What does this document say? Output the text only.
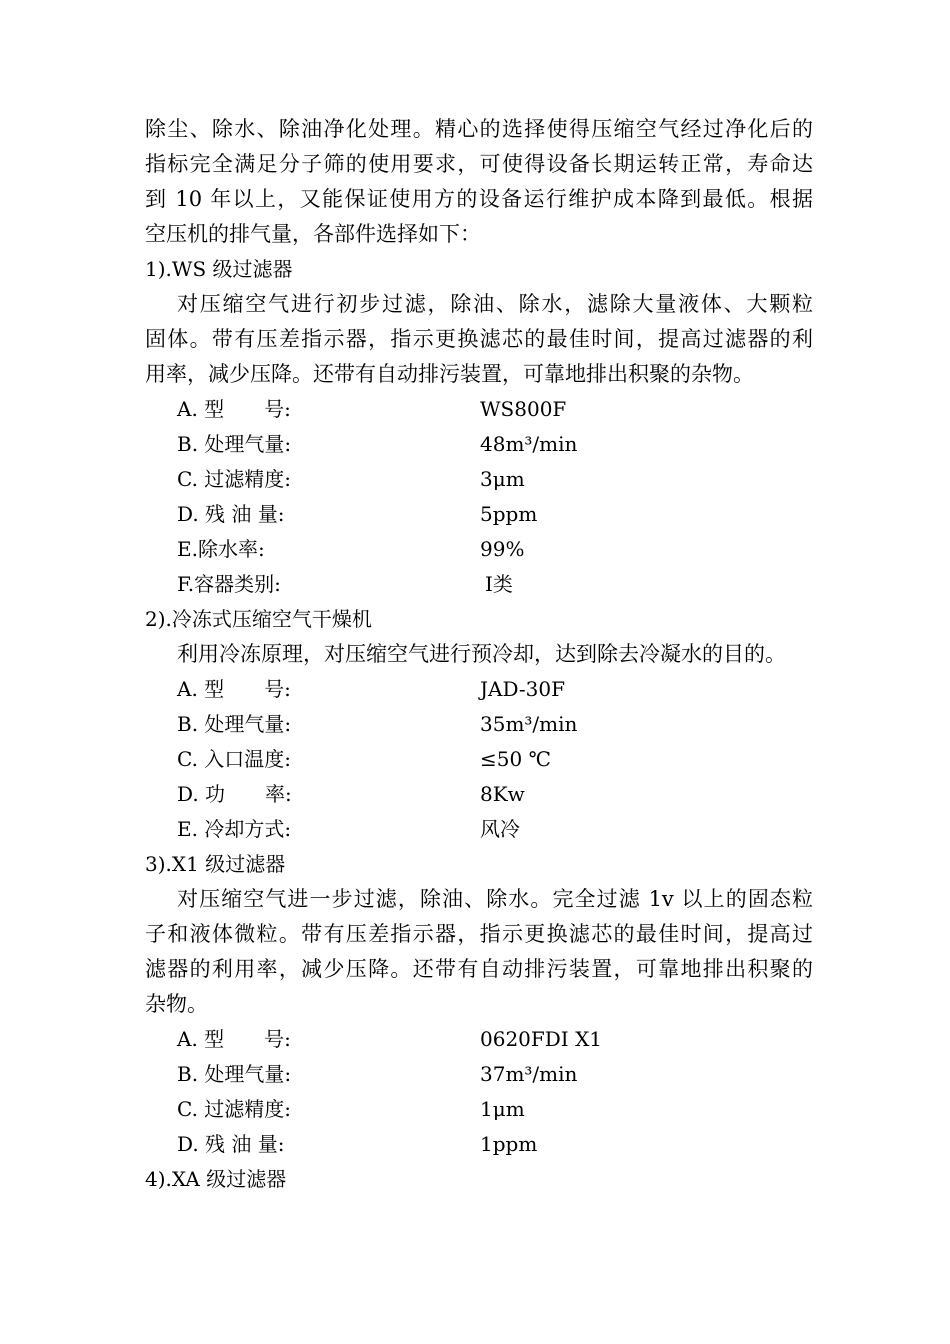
除尘、除水、除油净化处理。精心的选择使得压缩空气经过净化后的
指标完全满足分子筛的使用要求，可使得设备长期运转正常，寿命达
到 10 年以上，又能保证使用方的设备运行维护成本降到最低。根据
空压机的排气量，各部件选择如下：
1).WS 级过滤器
对压缩空气进行初步过滤，除油、除水，滤除大量液体、大颗粒
固体。带有压差指示器，指示更换滤芯的最佳时间，提高过滤器的利
用率，减少压降。还带有自动排污装置，可靠地排出积聚的杂物。
A. 型　　号:	WS800F
B. 处理气量:	48m³/min
C. 过滤精度:	3μm
D. 残 油 量:	5ppm
E.除水率:	99%
F.容器类别:	Ⅰ类
2).冷冻式压缩空气干燥机
利用冷冻原理，对压缩空气进行预冷却，达到除去冷凝水的目的。
A. 型　　号:	JAD-30F
B. 处理气量:	35m³/min
C. 入口温度:	≤50 ℃
D. 功　　率:	8Kw
E. 冷却方式:	风冷
3).X1 级过滤器
对压缩空气进一步过滤，除油、除水。完全过滤 1v 以上的固态粒
子和液体微粒。带有压差指示器，指示更换滤芯的最佳时间，提高过
滤器的利用率，减少压降。还带有自动排污装置，可靠地排出积聚的
杂物。
A. 型　　号:	0620FDI X1
B. 处理气量:	37m³/min
C. 过滤精度:	1μm
D. 残 油 量:	1ppm
4).XA 级过滤器
